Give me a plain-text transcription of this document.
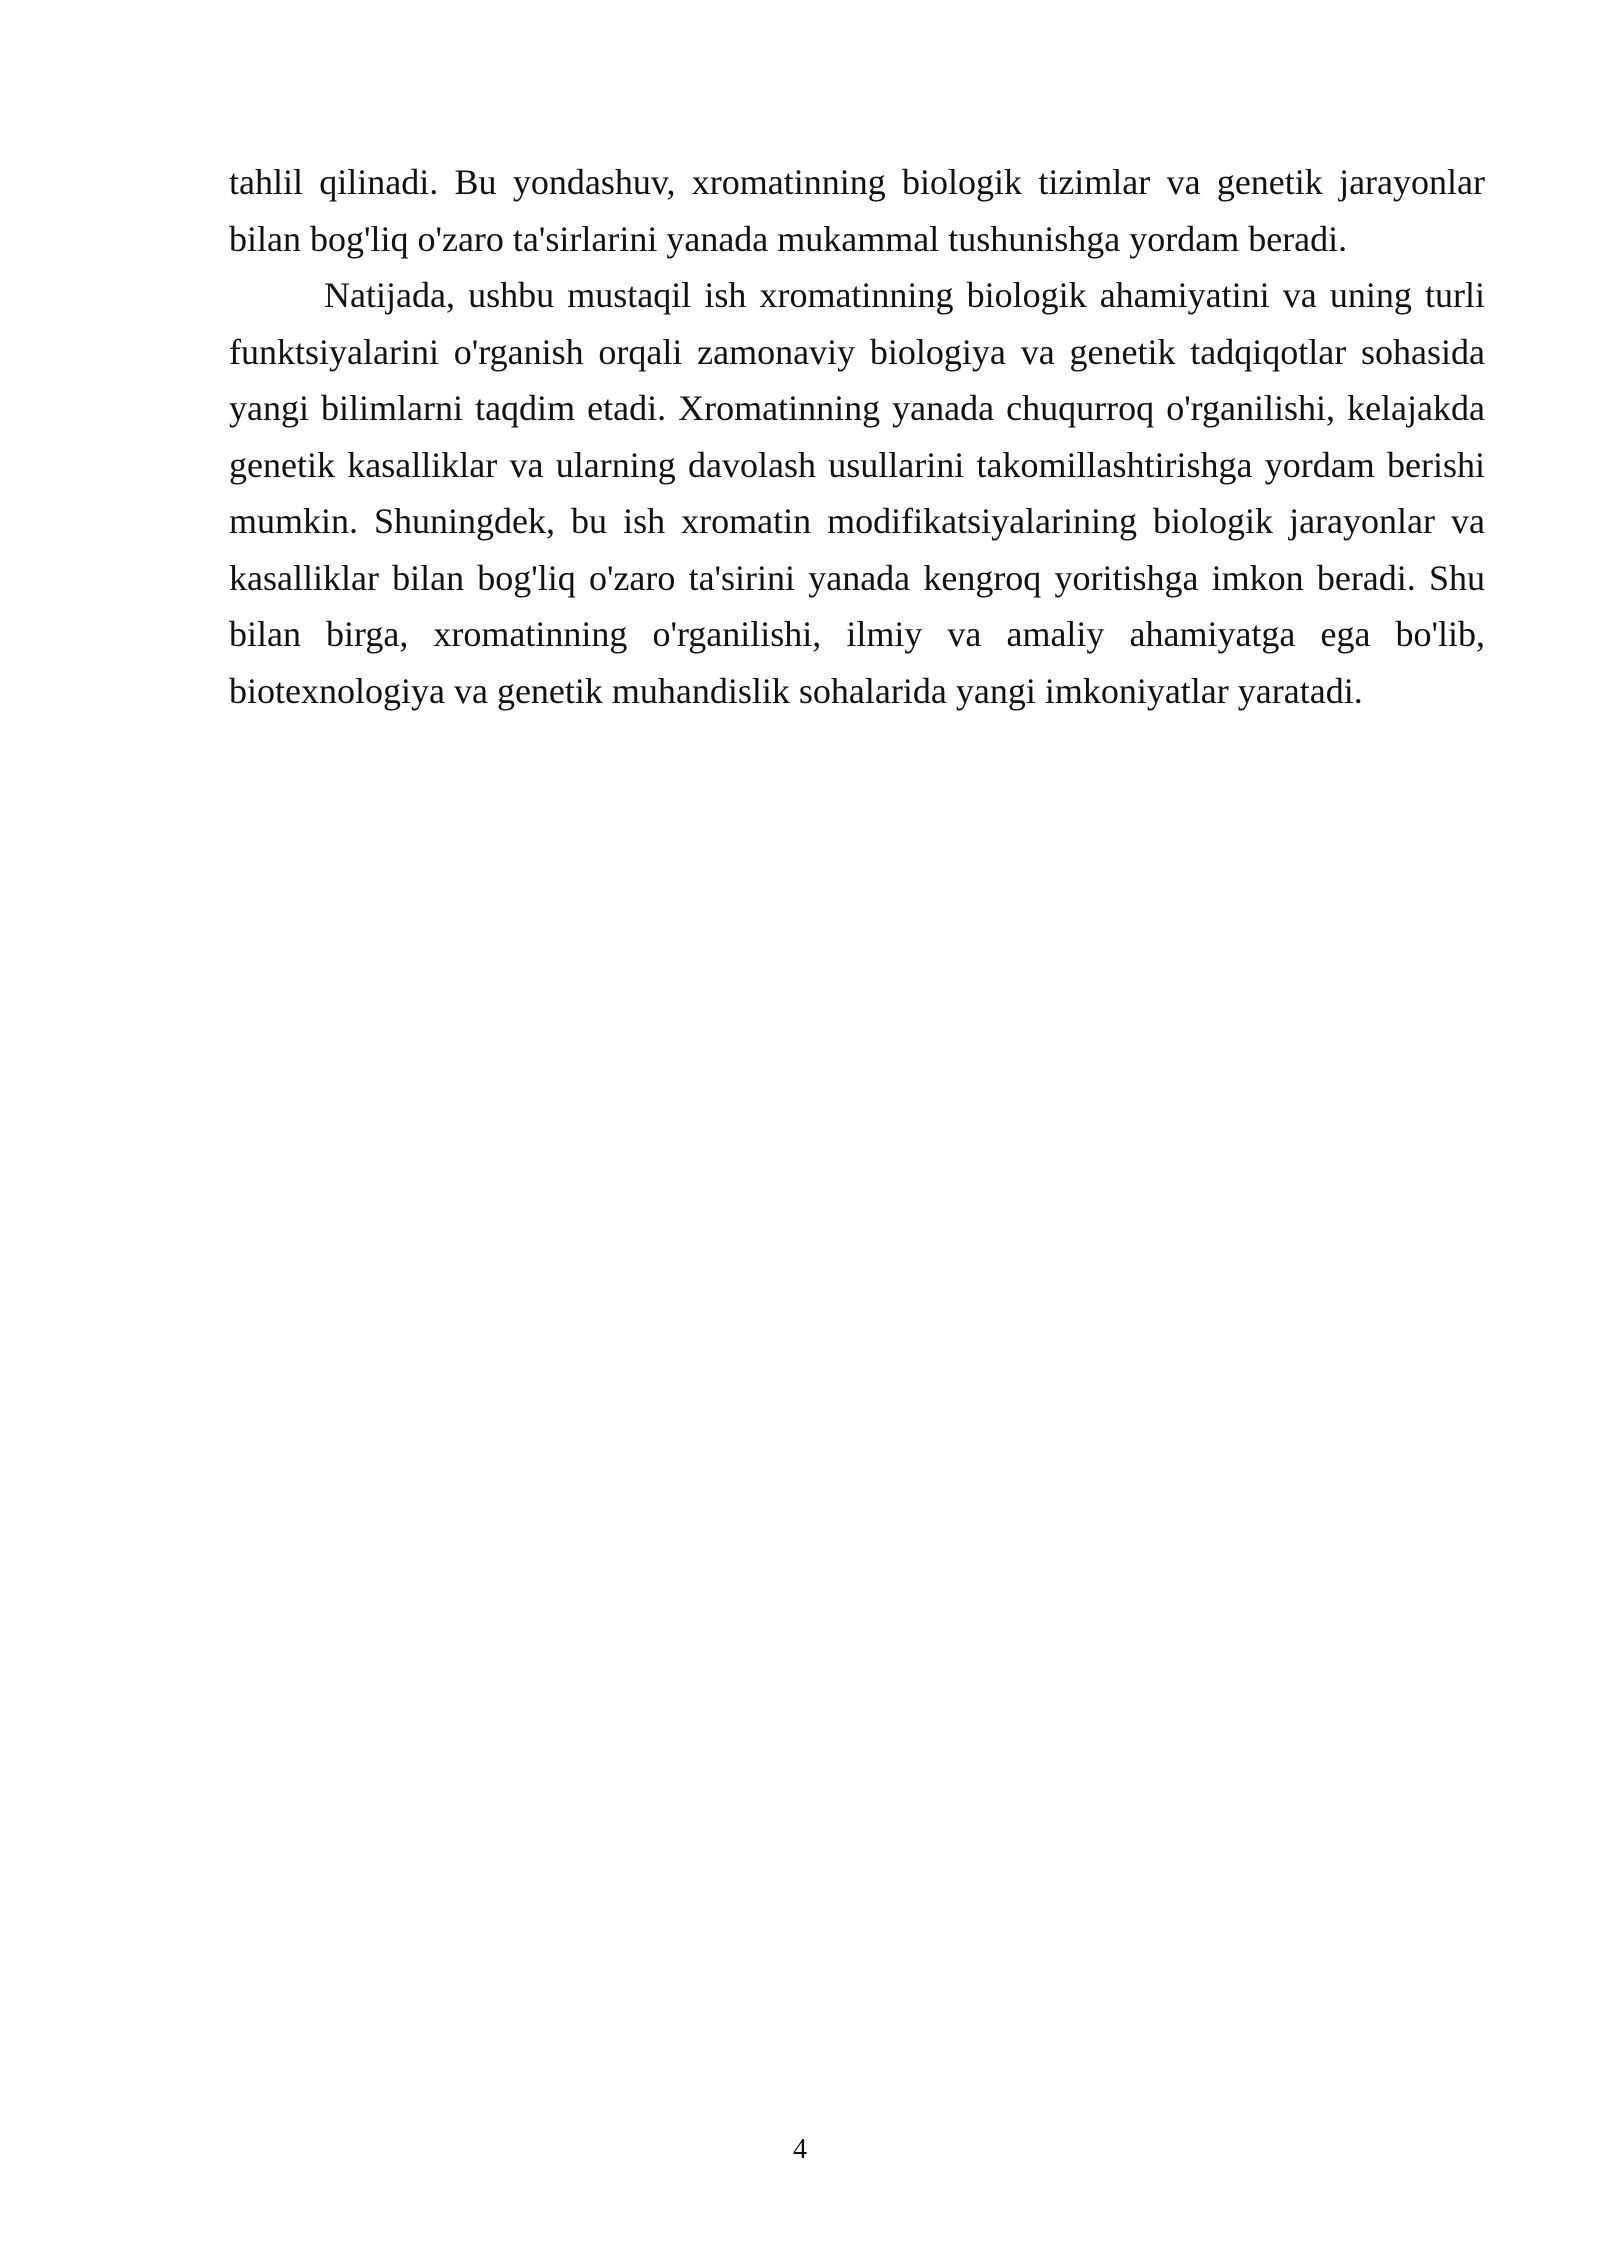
tahlil qilinadi. Bu yondashuv, xromatinning biologik tizimlar va genetik jarayonlar bilan bog'liq o'zaro ta'sirlarini yanada mukammal tushunishga yordam beradi.

Natijada, ushbu mustaqil ish xromatinning biologik ahamiyatini va uning turli funktsiyalarini o'rganish orqali zamonaviy biologiya va genetik tadqiqotlar sohasida yangi bilimlarni taqdim etadi. Xromatinning yanada chuqurroq o'rganilishi, kelajakda genetik kasalliklar va ularning davolash usullarini takomillashtirishga yordam berishi mumkin. Shuningdek, bu ish xromatin modifikatsiyalarining biologik jarayonlar va kasalliklar bilan bog'liq o'zaro ta'sirini yanada kengroq yoritishga imkon beradi. Shu bilan birga, xromatinning o'rganilishi, ilmiy va amaliy ahamiyatga ega bo'lib, biotexnologiya va genetik muhandislik sohalarida yangi imkoniyatlar yaratadi.

4
